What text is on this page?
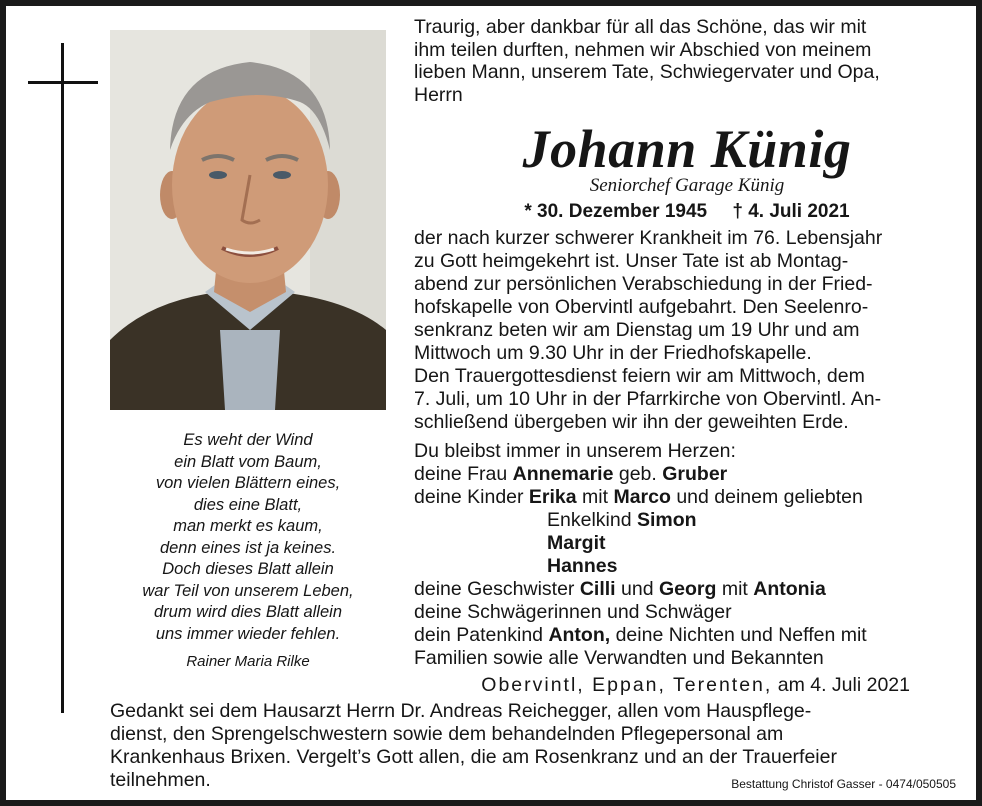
Es weht der Wind
ein Blatt vom Baum,
von vielen Blättern eines,
dies eine Blatt,
man merkt es kaum,
denn eines ist ja keines.
Doch dieses Blatt allein
war Teil von unserem Leben,
drum wird dies Blatt allein
uns immer wieder fehlen.
Rainer Maria Rilke
Traurig, aber dankbar für all das Schöne, das wir mit
ihm teilen durften, nehmen wir Abschied von meinem
lieben Mann, unserem Tate, Schwiegervater und Opa,
Herrn
Johann Künig
Seniorchef Garage Künig
* 30. Dezember 1945 † 4. Juli 2021
der nach kurzer schwerer Krankheit im 76. Lebensjahr
zu Gott heimgekehrt ist. Unser Tate ist ab Montag-
abend zur persönlichen Verabschiedung in der Fried-
hofskapelle von Obervintl aufgebahrt. Den Seelenro-
senkranz beten wir am Dienstag um 19 Uhr und am
Mittwoch um 9.30 Uhr in der Friedhofskapelle.
Den Trauergottesdienst feiern wir am Mittwoch, dem
7. Juli, um 10 Uhr in der Pfarrkirche von Obervintl. An-
schließend übergeben wir ihn der geweihten Erde.
Du bleibst immer in unserem Herzen:
deine Frau Annemarie geb. Gruber
deine Kinder Erika mit Marco und deinem geliebten
Enkelkind Simon
Margit
Hannes
deine Geschwister Cilli und Georg mit Antonia
deine Schwägerinnen und Schwäger
dein Patenkind Anton, deine Nichten und Neffen mit
Familien sowie alle Verwandten und Bekannten
Obervintl, Eppan, Terenten, am 4. Juli 2021
Gedankt sei dem Hausarzt Herrn Dr. Andreas Reichegger, allen vom Hauspflege-
dienst, den Sprengelschwestern sowie dem behandelnden Pflegepersonal am
Krankenhaus Brixen. Vergelt’s Gott allen, die am Rosenkranz und an der Trauerfeier
teilnehmen.	Bestattung Christof Gasser - 0474/050505
